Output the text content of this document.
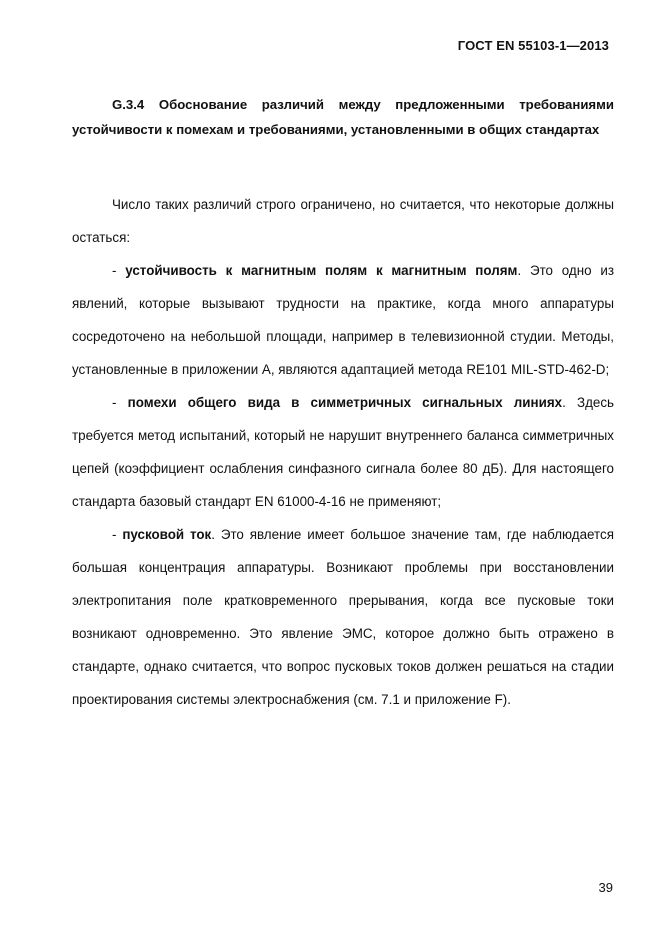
ГОСТ EN 55103-1—2013

G.3.4 Обоснование различий между предложенными требованиями устойчивости к помехам и требованиями, установленными в общих стандартах

Число таких различий строго ограничено, но считается, что некоторые должны остаться:

- устойчивость к магнитным полям к магнитным полям. Это одно из явлений, которые вызывают трудности на практике, когда много аппаратуры сосредоточено на небольшой площади, например в телевизионной студии. Методы, установленные в приложении А, являются адаптацией метода RE101 MIL-STD-462-D;

- помехи общего вида в симметричных сигнальных линиях. Здесь требуется метод испытаний, который не нарушит внутреннего баланса симметричных цепей (коэффициент ослабления синфазного сигнала более 80 дБ). Для настоящего стандарта базовый стандарт EN 61000-4-16 не применяют;

- пусковой ток. Это явление имеет большое значение там, где наблюдается большая концентрация аппаратуры. Возникают проблемы при восстановлении электропитания поле кратковременного прерывания, когда все пусковые токи возникают одновременно. Это явление ЭМС, которое должно быть отражено в стандарте, однако считается, что вопрос пусковых токов должен решаться на стадии проектирования системы электроснабжения (см. 7.1 и приложение F).

39
